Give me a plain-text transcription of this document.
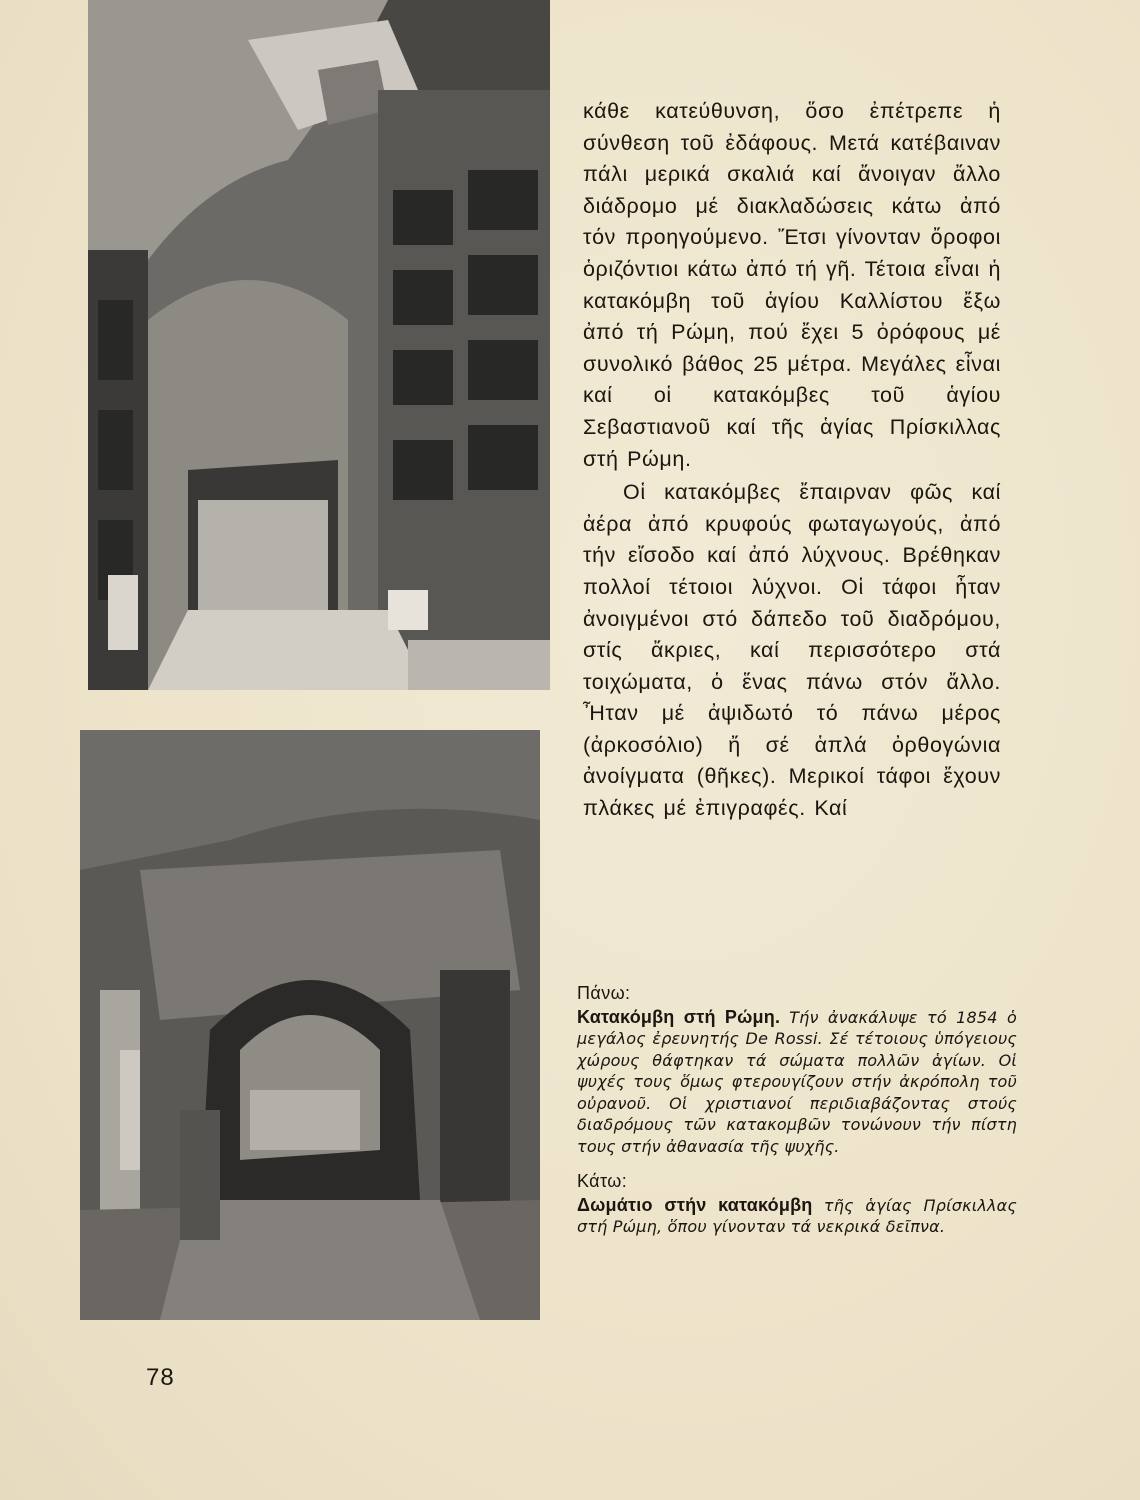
κάθε κατεύθυνση, ὅσο ἐπέτρεπε ἡ σύνθεση τοῦ ἐδάφους. Μετά κατέβαιναν πάλι μερικά σκαλιά καί ἄνοιγαν ἄλλο διάδρομο μέ διακλαδώσεις κάτω ἀπό τόν προηγούμενο. Ἔτσι γίνονταν ὄροφοι ὁριζόντιοι κάτω ἀπό τή γῆ. Τέτοια εἶναι ἡ κατακόμβη τοῦ ἁγίου Καλλίστου ἔξω ἀπό τή Ρώμη, πού ἔχει 5 ὀρόφους μέ συνολικό βάθος 25 μέτρα. Μεγάλες εἶναι καί οἱ κατακόμβες τοῦ ἁγίου Σεβαστιανοῦ καί τῆς ἁγίας Πρίσκιλλας στή Ρώμη.

Οἱ κατακόμβες ἔπαιρναν φῶς καί ἀέρα ἀπό κρυφούς φωταγωγούς, ἀπό τήν εἴσοδο καί ἀπό λύχνους. Βρέθηκαν πολλοί τέτοιοι λύχνοι. Οἱ τάφοι ἦταν ἀνοιγμένοι στό δάπεδο τοῦ διαδρόμου, στίς ἄκριες, καί περισσότερο στά τοιχώματα, ὁ ἕνας πάνω στόν ἄλλο. Ἦταν μέ ἀψιδωτό τό πάνω μέρος (ἀρκοσόλιο) ἤ σέ ἁπλά ὀρθογώνια ἀνοίγματα (θῆκες). Μερικοί τάφοι ἔχουν πλάκες μέ ἐπιγραφές. Καί

Πάνω:

Κατακόμβη στή Ρώμη. Τήν ἀνακάλυψε τό 1854 ὁ μεγάλος ἐρευνητής De Rossi. Σέ τέτοιους ὑπόγειους χώρους θάφτηκαν τά σώματα πολλῶν ἁγίων. Οἱ ψυχές τους ὅμως φτερουγίζουν στήν ἀκρόπολη τοῦ οὐρανοῦ. Οἱ χριστιανοί περιδιαβάζοντας στούς διαδρόμους τῶν κατακομβῶν τονώνουν τήν πίστη τους στήν ἀθανασία τῆς ψυχῆς.

Κάτω:

Δωμάτιο στήν κατακόμβη τῆς ἁγίας Πρίσκιλλας στή Ρώμη, ὅπου γίνονταν τά νεκρικά δεῖπνα.

78
